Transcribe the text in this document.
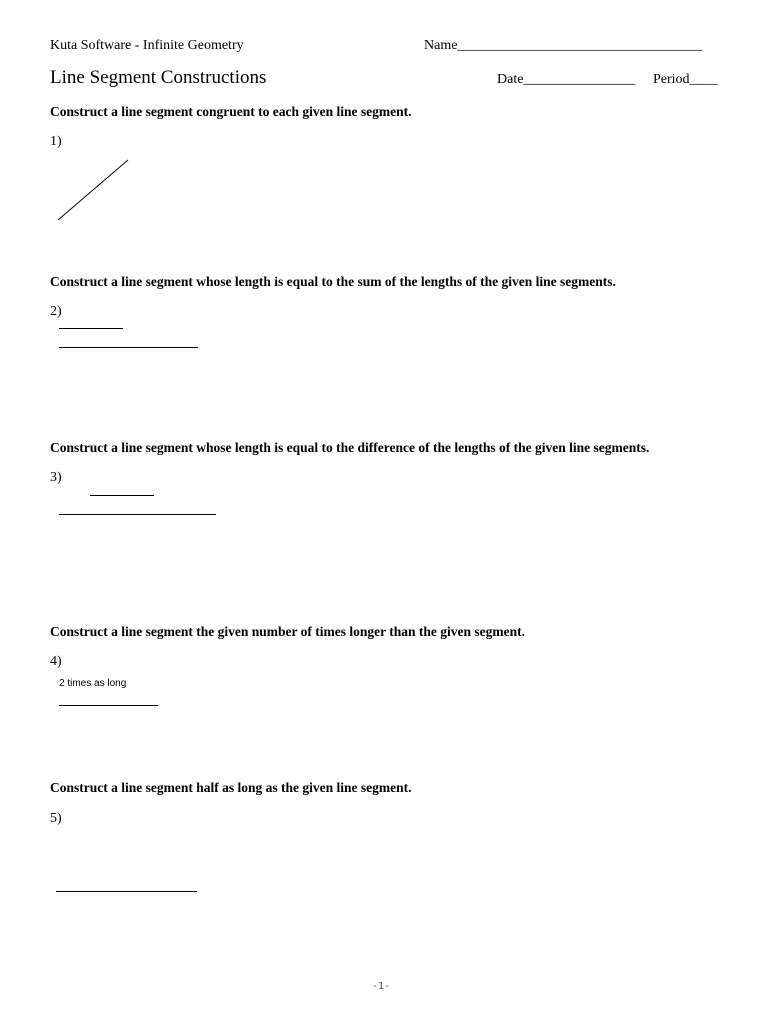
Kuta Software - Infinite Geometry	Name___________________________________
Line Segment Constructions	Date________________ Period____
Construct a line segment congruent to each given line segment.
1)
Construct a line segment whose length is equal to the sum of the lengths of the given line segments.
2)
Construct a line segment whose length is equal to the difference of the lengths of the given line segments.
3)
Construct a line segment the given number of times longer than the given segment.
4)
2 times as long
Construct a line segment half as long as the given line segment.
5)
-1-
